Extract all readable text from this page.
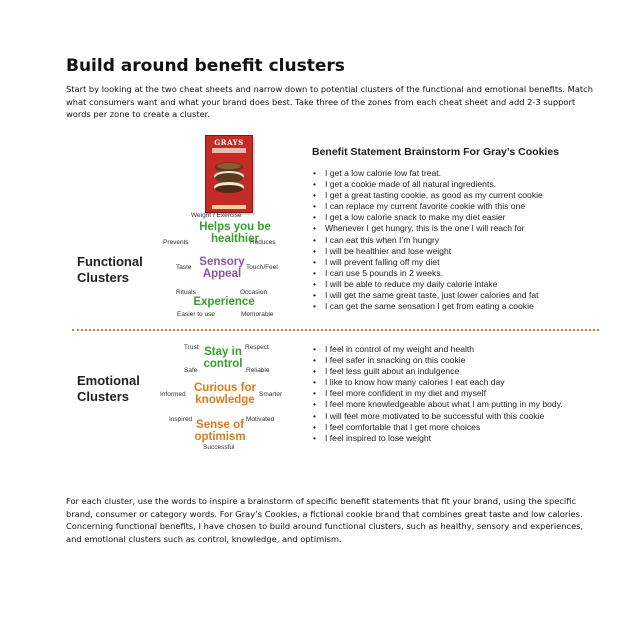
Build around benefit clusters

Start by looking at the two cheat sheets and narrow down to potential clusters of the functional and emotional benefits. Match what consumers want and what your brand does best. Take three of the zones from each cheat sheet and add 2-3 support words per zone to create a cluster.

GRAYS
Benefit Statement Brainstorm For Gray’s Cookies
Functional
Clusters
Weight / Exercise
Helps you be
healthier
Prevents	Reduces
Sensory
Appeal
Taste	Touch/Feel
Rituals	Occasion
Experience
Easier to use	Memorable
• I get a low calorie low fat treat.
• I get a cookie made of all natural ingredients.
• I get a great tasting cookie, as good as my current cookie
• I can replace my current favorite cookie with this one
• I get a low calorie snack to make my diet easier
• Whenever I get hungry, this is the one I will reach for
• I can eat this when I’m hungry
• I will be healthier and lose weight
• I will prevent falling off my diet
• I can use 5 pounds in 2 weeks.
• I will be able to reduce my daily calorie intake
• I will get the same great taste, just lower calories and fat
• I can get the same sensation I get from eating a cookie
Emotional
Clusters
Trust	Respect
Stay in
control
Safe	Reliable
Curious for
knowledge
Informed	Smarter
Inspired	Motivated
Sense of
optimism
Successful
• I feel in control of my weight and health
• I feel safer in snacking on this cookie
• I feel less guilt about an indulgence
• I like to know how many calories I eat each day
• I feel more confident in my diet and myself
• I feel more knowledgeable about what I am putting in my body.
• I will feel more motivated to be successful with this cookie
• I feel comfortable that I get more choices
• I feel inspired to lose weight

For each cluster, use the words to inspire a brainstorm of specific benefit statements that fit your brand, using the specific brand, consumer or category words. For Gray’s Cookies, a fictional cookie brand that combines great taste and low calories. Concerning functional benefits, I have chosen to build around functional clusters, such as healthy, sensory and experiences, and emotional clusters such as control, knowledge, and optimism.
